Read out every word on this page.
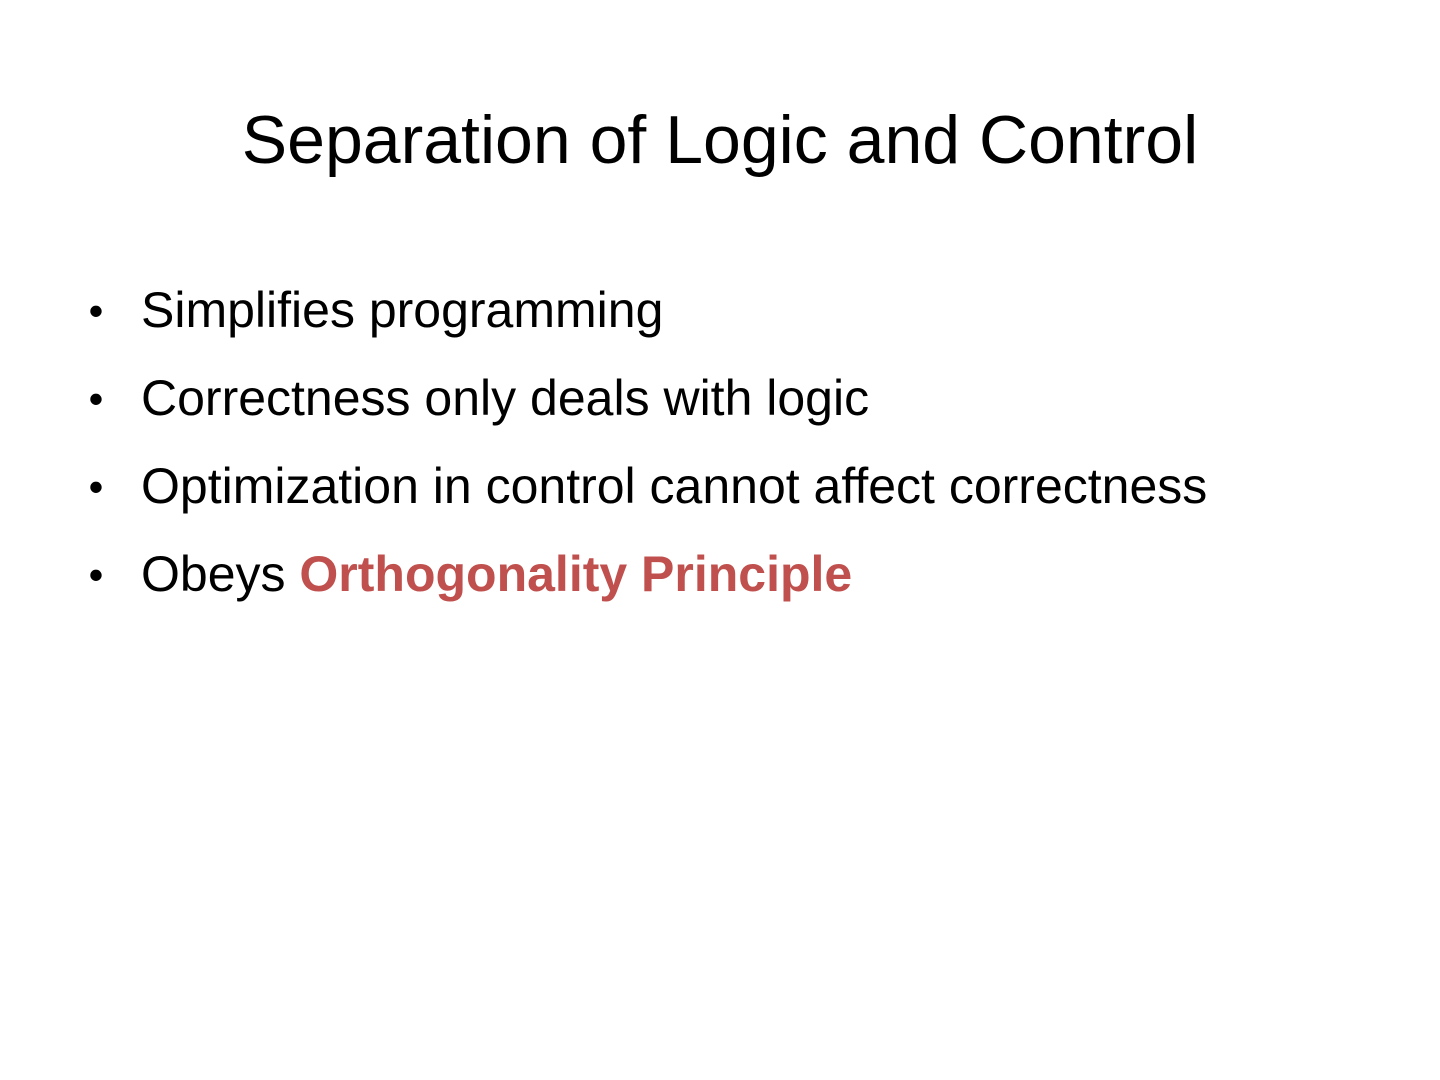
Separation of Logic and Control
• Simplifies programming
• Correctness only deals with logic
• Optimization in control cannot affect correctness
• Obeys Orthogonality Principle
